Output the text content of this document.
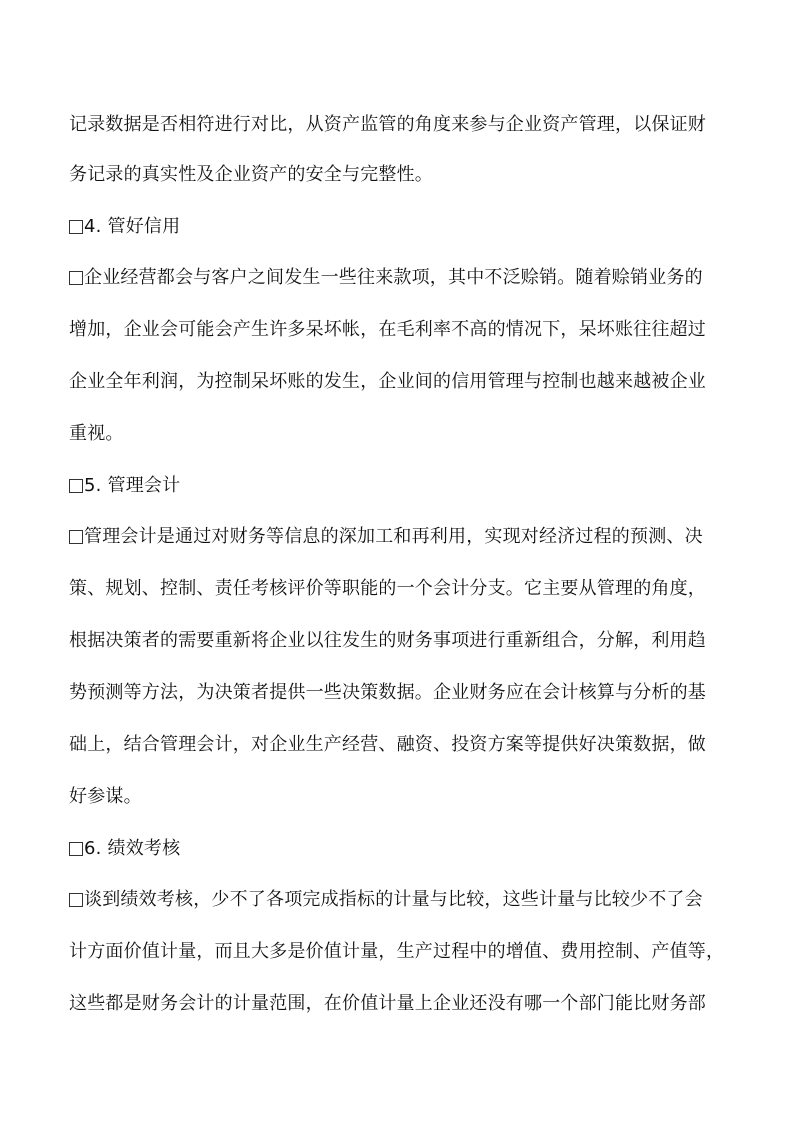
记录数据是否相符进行对比，从资产监管的角度来参与企业资产管理，以保证财
务记录的真实性及企业资产的安全与完整性。
4. 管好信用
企业经营都会与客户之间发生一些往来款项，其中不泛赊销。随着赊销业务的
增加，企业会可能会产生许多呆坏帐，在毛利率不高的情况下，呆坏账往往超过
企业全年利润，为控制呆坏账的发生，企业间的信用管理与控制也越来越被企业
重视。
5. 管理会计
管理会计是通过对财务等信息的深加工和再利用，实现对经济过程的预测、决
策、规划、控制、责任考核评价等职能的一个会计分支。它主要从管理的角度，
根据决策者的需要重新将企业以往发生的财务事项进行重新组合，分解，利用趋
势预测等方法，为决策者提供一些决策数据。企业财务应在会计核算与分析的基
础上，结合管理会计，对企业生产经营、融资、投资方案等提供好决策数据，做
好参谋。
6. 绩效考核
谈到绩效考核，少不了各项完成指标的计量与比较，这些计量与比较少不了会
计方面价值计量，而且大多是价值计量，生产过程中的增值、费用控制、产值等，
这些都是财务会计的计量范围，在价值计量上企业还没有哪一个部门能比财务部
